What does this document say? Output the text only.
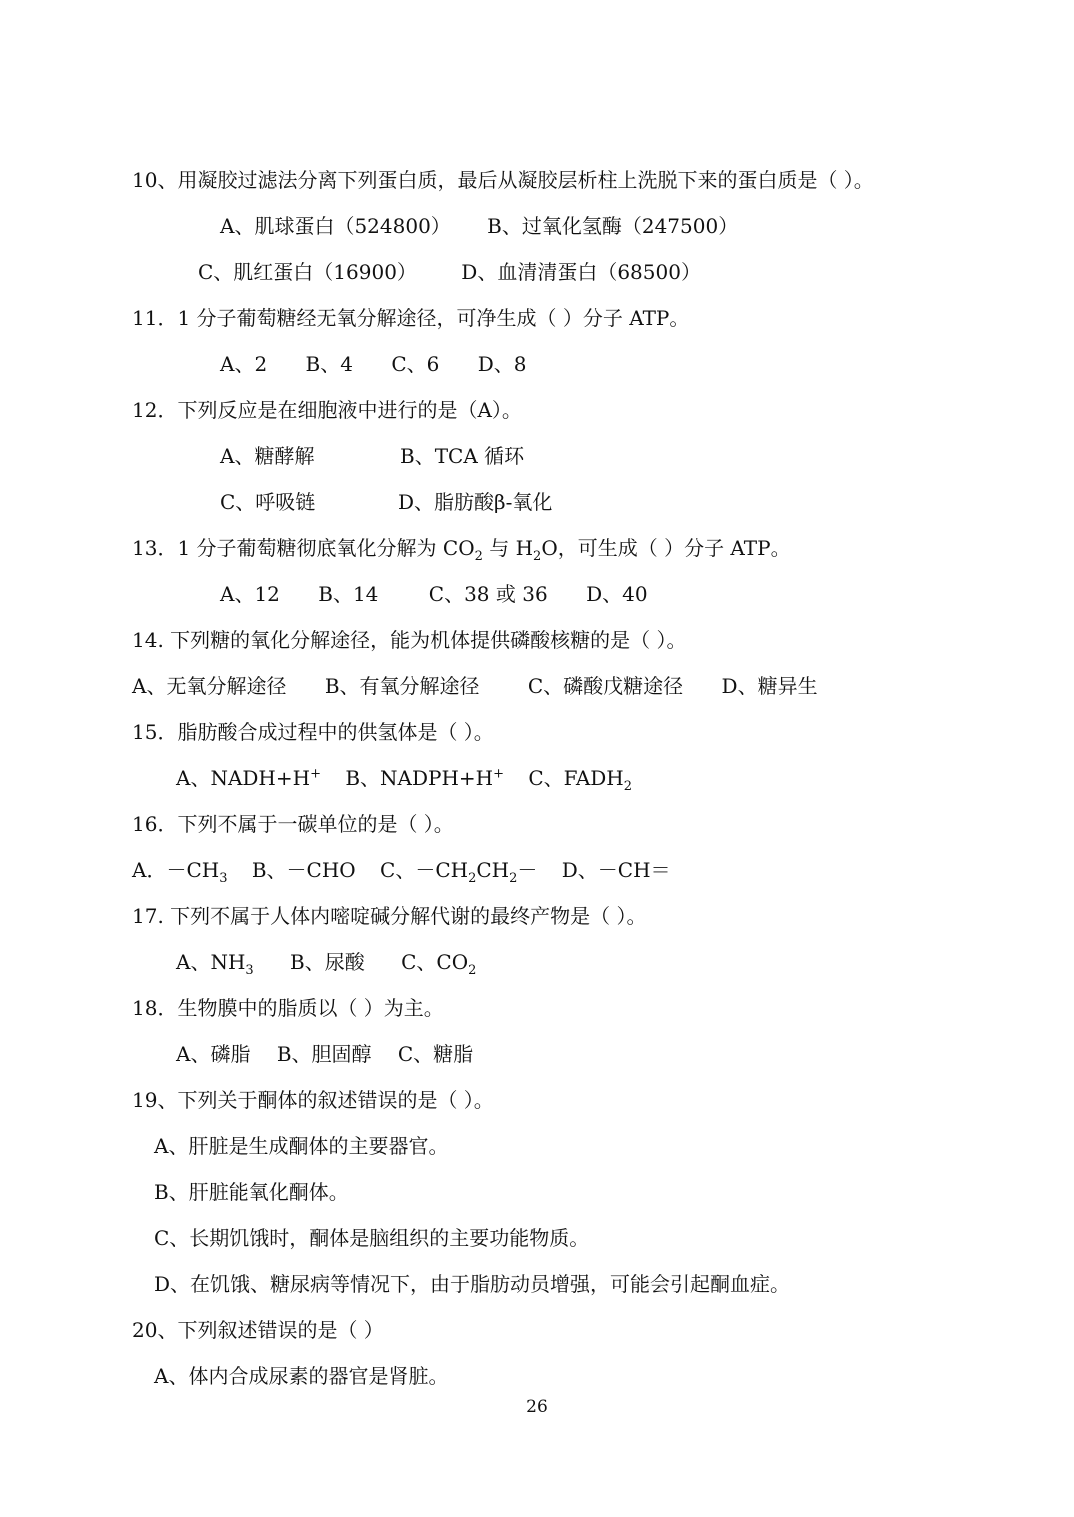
10、用凝胶过滤法分离下列蛋白质，最后从凝胶层析柱上洗脱下来的蛋白质是（ ）。
A、肌球蛋白（524800） B、过氧化氢酶（247500）
C、肌红蛋白（16900） D、血清清蛋白（68500）
11．1 分子葡萄糖经无氧分解途径，可净生成（ ）分子 ATP。
A、2 B、4 C、6 D、8
12．下列反应是在细胞液中进行的是（A）。
A、糖酵解	B、TCA 循环
C、呼吸链	D、脂肪酸β-氧化
13．1 分子葡萄糖彻底氧化分解为 $CO_2$ 与 $H_2O$，可生成（ ）分子 ATP。
A、12 B、14	C、38 或 36 D、40
14. 下列糖的氧化分解途径，能为机体提供磷酸核糖的是（ ）。
A、无氧分解途径 B、有氧分解途径 C、磷酸戊糖途径 D、糖异生
15．脂肪酸合成过程中的供氢体是（ ）。
A、NADH+H+ B、NADPH+H+ C、$FADH_2$
16．下列不属于一碳单位的是（ ）。
A．$-CH_3$ B、－CHO C、$-CH_2CH_2- D$、－CH＝
17. 下列不属于人体内嘧啶碱分解代谢的最终产物是（ ）。
A、$NH_3$ B、尿酸 C、$CO_2$
18．生物膜中的脂质以（ ）为主。
A、磷脂 B、胆固醇 C、糖脂
19、下列关于酮体的叙述错误的是（ ）。
A、肝脏是生成酮体的主要器官。
B、肝脏能氧化酮体。
C、长期饥饿时，酮体是脑组织的主要功能物质。
D、在饥饿、糖尿病等情况下，由于脂肪动员增强，可能会引起酮血症。
20、下列叙述错误的是（ ）
A、体内合成尿素的器官是肾脏。
26
